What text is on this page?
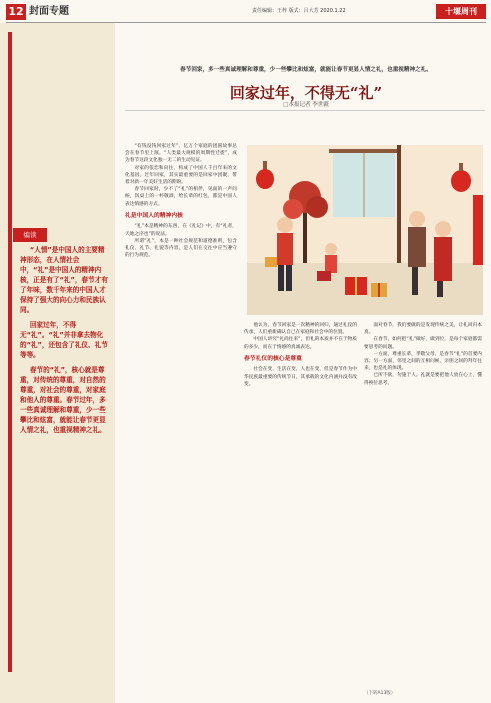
12 封面专题	责任编辑：王梓 版式：吕大芳 2020.1.22	十堰周刊
编读

“人情”是中国人的主要精神形态，在人情社会中，“礼”是中国人的精神内核，正是有了“礼”，春节才有了年味，数千年来的中国人才保持了强大的向心力和民族认同。

回家过年，不得无“礼”。“礼”并非拿去物化的“礼”，还包含了礼仪、礼节等等。

春节的“礼”，核心就是尊重，对传统的尊重，对自然的尊重，对社会的尊重，对家庭和他人的尊重。春节过年，多一些真诚理解和尊重，少一些攀比和炫富，就能让春节更显人情之礼，也重视精神之礼。

春节回家，多一些真诚理解和尊重，少一些攀比和炫富，就能让春节更显人情之礼，也重视精神之礼。
回家过年，不得无“礼”
□本报记者 李世疆

“有钱没钱回家过年”，亿万个家庭的团圆故事总会在春节里上演。“人类最大规模的周期性迁徙”，成为春节这段文化独一无二的生动见证。

对家的依恋和向往，构成了中国人千百年来的文化基因。过年回家，其实最重要的是回家中团聚，带着对新一年美好生活的期盼。

春节回家时，少不了“礼”的相伴，见面的一声问候，饭桌上的一杯敬酒，给长辈的红包，都是中国人表达情感的方式。

礼是中国人的精神内核

“礼”本是精神的东西，在《礼记》中，有“礼者，天地之序也”的说法。

所谓“礼”，本是一种社会规范和道德准则，包含礼仪、礼节、礼貌等内容，是人们在交往中应当遵守的行为规范。

他认为，春节回家是一次精神的回归，通过礼仪的传承，人们重新确认自己在家庭和社会中的位置。

中国人讲究“礼尚往来”，但礼的本质并不在于物质的多少，而在于情感的真诚表达。

春节礼仪的核心是尊重

社会在变，生活在变，人也在变，但是春节作为中华民族最重要的传统节日，其承载的文化内涵并没有改变。

面对春节，我们要做的是发现传统之美，让礼回归本真。

在春节，如何把“礼”做好，做到位，是每个家庭都需要思考的问题。

一方面，尊重长辈，孝敬父母，是春节“礼”的首要内容；另一方面，邻里之间的互相问候，亲朋之间的拜年往来，也是礼的体现。

已所不欲，勿施于人。礼就是要把他人放在心上，懂得换位思考。

（下转A13版）
